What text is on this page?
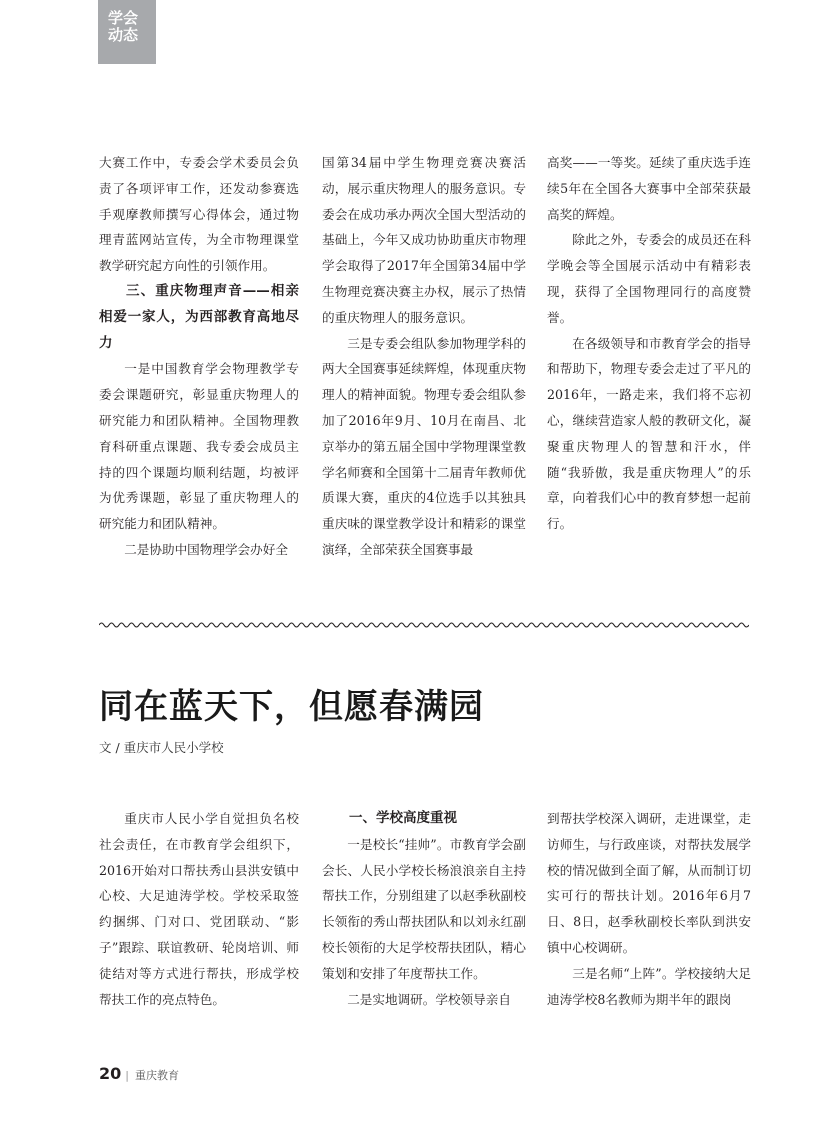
学会
动态

大赛工作中，专委会学术委员会负责了各项评审工作，还发动参赛选手观摩教师撰写心得体会，通过物理青蓝网站宣传，为全市物理课堂教学研究起方向性的引领作用。

三、重庆物理声音——相亲相爱一家人，为西部教育高地尽力

一是中国教育学会物理教学专委会课题研究，彰显重庆物理人的研究能力和团队精神。全国物理教育科研重点课题、我专委会成员主持的四个课题均顺利结题，均被评为优秀课题，彰显了重庆物理人的研究能力和团队精神。

二是协助中国物理学会办好全

国第34届中学生物理竞赛决赛活动，展示重庆物理人的服务意识。专委会在成功承办两次全国大型活动的基础上，今年又成功协助重庆市物理学会取得了2017年全国第34届中学生物理竞赛决赛主办权，展示了热情的重庆物理人的服务意识。

三是专委会组队参加物理学科的两大全国赛事延续辉煌，体现重庆物理人的精神面貌。物理专委会组队参加了2016年9月、10月在南昌、北京举办的第五届全国中学物理课堂教学名师赛和全国第十二届青年教师优质课大赛，重庆的4位选手以其独具重庆味的课堂教学设计和精彩的课堂演绎，全部荣获全国赛事最

高奖——一等奖。延续了重庆选手连续5年在全国各大赛事中全部荣获最高奖的辉煌。

除此之外，专委会的成员还在科学晚会等全国展示活动中有精彩表现，获得了全国物理同行的高度赞誉。

在各级领导和市教育学会的指导和帮助下，物理专委会走过了平凡的2016年，一路走来，我们将不忘初心，继续营造家人般的教研文化，凝聚重庆物理人的智慧和汗水，伴随“我骄傲，我是重庆物理人”的乐章，向着我们心中的教育梦想一起前行。

同在蓝天下，但愿春满园
文 / 重庆市人民小学校

重庆市人民小学自觉担负名校社会责任，在市教育学会组织下，2016开始对口帮扶秀山县洪安镇中心校、大足迪涛学校。学校采取签约捆绑、门对口、党团联动、“影子”跟踪、联谊教研、轮岗培训、师徒结对等方式进行帮扶，形成学校帮扶工作的亮点特色。

一、学校高度重视

一是校长“挂帅”。市教育学会副会长、人民小学校长杨浪浪亲自主持帮扶工作，分别组建了以赵季秋副校长领衔的秀山帮扶团队和以刘永红副校长领衔的大足学校帮扶团队，精心策划和安排了年度帮扶工作。

二是实地调研。学校领导亲自

到帮扶学校深入调研，走进课堂，走访师生，与行政座谈，对帮扶发展学校的情况做到全面了解，从而制订切实可行的帮扶计划。2016年6月7日、8日，赵季秋副校长率队到洪安镇中心校调研。

三是名师“上阵”。学校接纳大足迪涛学校8名教师为期半年的跟岗

20 | 重庆教育
